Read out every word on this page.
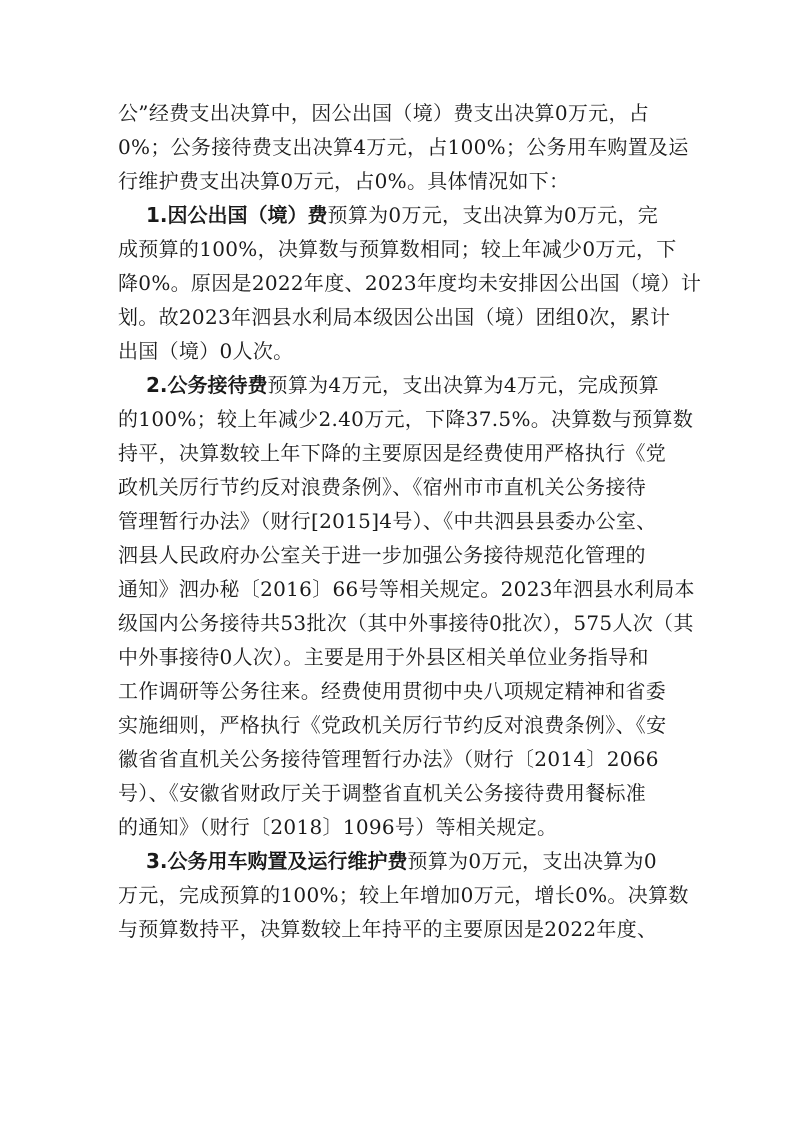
公”经费支出决算中，因公出国（境）费支出决算0万元，占
0%；公务接待费支出决算4万元，占100%；公务用车购置及运
行维护费支出决算0万元，占0%。具体情况如下：
1.因公出国（境）费预算为0万元，支出决算为0万元，完
成预算的100%，决算数与预算数相同；较上年减少0万元，下
降0%。原因是2022年度、2023年度均未安排因公出国（境）计
划。故2023年泗县水利局本级因公出国（境）团组0次，累计
出国（境）0人次。
2.公务接待费预算为4万元，支出决算为4万元，完成预算
的100%；较上年减少2.40万元，下降37.5%。决算数与预算数
持平，决算数较上年下降的主要原因是经费使用严格执行《党
政机关厉行节约反对浪费条例》、《宿州市市直机关公务接待
管理暂行办法》（财行[2015]4号）、《中共泗县县委办公室、
泗县人民政府办公室关于进一步加强公务接待规范化管理的
通知》泗办秘〔2016〕66号等相关规定。2023年泗县水利局本
级国内公务接待共53批次（其中外事接待0批次），575人次（其
中外事接待0人次）。主要是用于外县区相关单位业务指导和
工作调研等公务往来。经费使用贯彻中央八项规定精神和省委
实施细则，严格执行《党政机关厉行节约反对浪费条例》、《安
徽省省直机关公务接待管理暂行办法》（财行〔2014〕2066
号）、《安徽省财政厅关于调整省直机关公务接待费用餐标准
的通知》（财行〔2018〕1096号）等相关规定。
3.公务用车购置及运行维护费预算为0万元，支出决算为0
万元，完成预算的100%；较上年增加0万元，增长0%。决算数
与预算数持平，决算数较上年持平的主要原因是2022年度、
